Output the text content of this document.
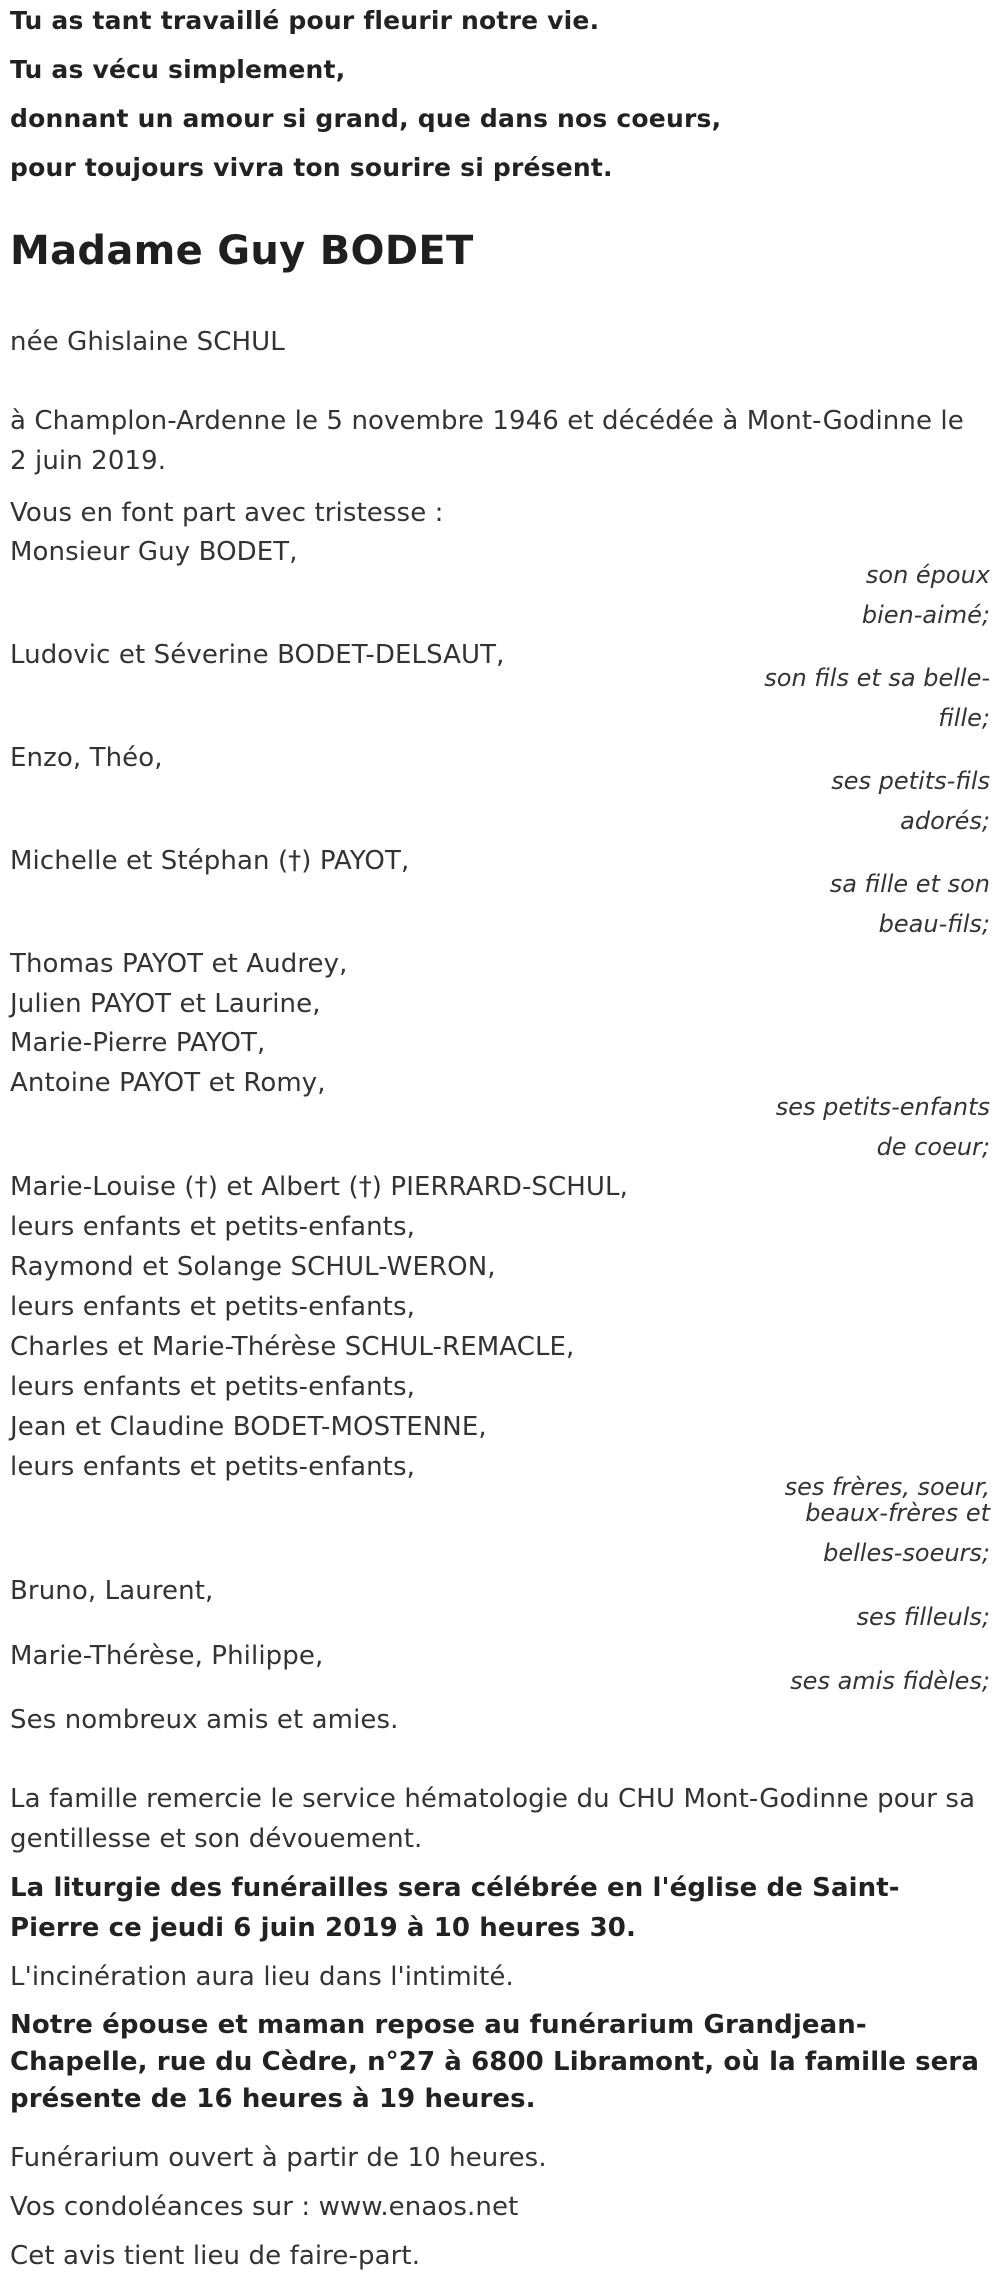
Tu as tant travaillé pour fleurir notre vie.

Tu as vécu simplement,

donnant un amour si grand, que dans nos coeurs,

pour toujours vivra ton sourire si présent.

Madame Guy BODET

née Ghislaine SCHUL

à Champlon-Ardenne le 5 novembre 1946 et décédée à Mont-Godinne le 2 juin 2019.

Vous en font part avec tristesse :

Monsieur Guy BODET,

son époux bien-aimé;

Ludovic et Séverine BODET-DELSAUT,

son fils et sa belle-fille;

Enzo, Théo,

ses petits-fils adorés;

Michelle et Stéphan (†) PAYOT,

sa fille et son beau-fils;

Thomas PAYOT et Audrey,

Julien PAYOT et Laurine,

Marie-Pierre PAYOT,

Antoine PAYOT et Romy,

ses petits-enfants de coeur;

Marie-Louise (†) et Albert (†) PIERRARD-SCHUL,

leurs enfants et petits-enfants,

Raymond et Solange SCHUL-WERON,

leurs enfants et petits-enfants,

Charles et Marie-Thérèse SCHUL-REMACLE,

leurs enfants et petits-enfants,

Jean et Claudine BODET-MOSTENNE,

leurs enfants et petits-enfants,

ses frères, soeur,

beaux-frères et belles-soeurs;

Bruno, Laurent,

ses filleuls;

Marie-Thérèse, Philippe,

ses amis fidèles;

Ses nombreux amis et amies.

La famille remercie le service hématologie du CHU Mont-Godinne pour sa gentillesse et son dévouement.

La liturgie des funérailles sera célébrée en l'église de Saint-Pierre ce jeudi 6 juin 2019 à 10 heures 30.

L'incinération aura lieu dans l'intimité.

Notre épouse et maman repose au funérarium Grandjean-Chapelle, rue du Cèdre, n°27 à 6800 Libramont, où la famille sera présente de 16 heures à 19 heures.

Funérarium ouvert à partir de 10 heures.

Vos condoléances sur : www.enaos.net

Cet avis tient lieu de faire-part.
